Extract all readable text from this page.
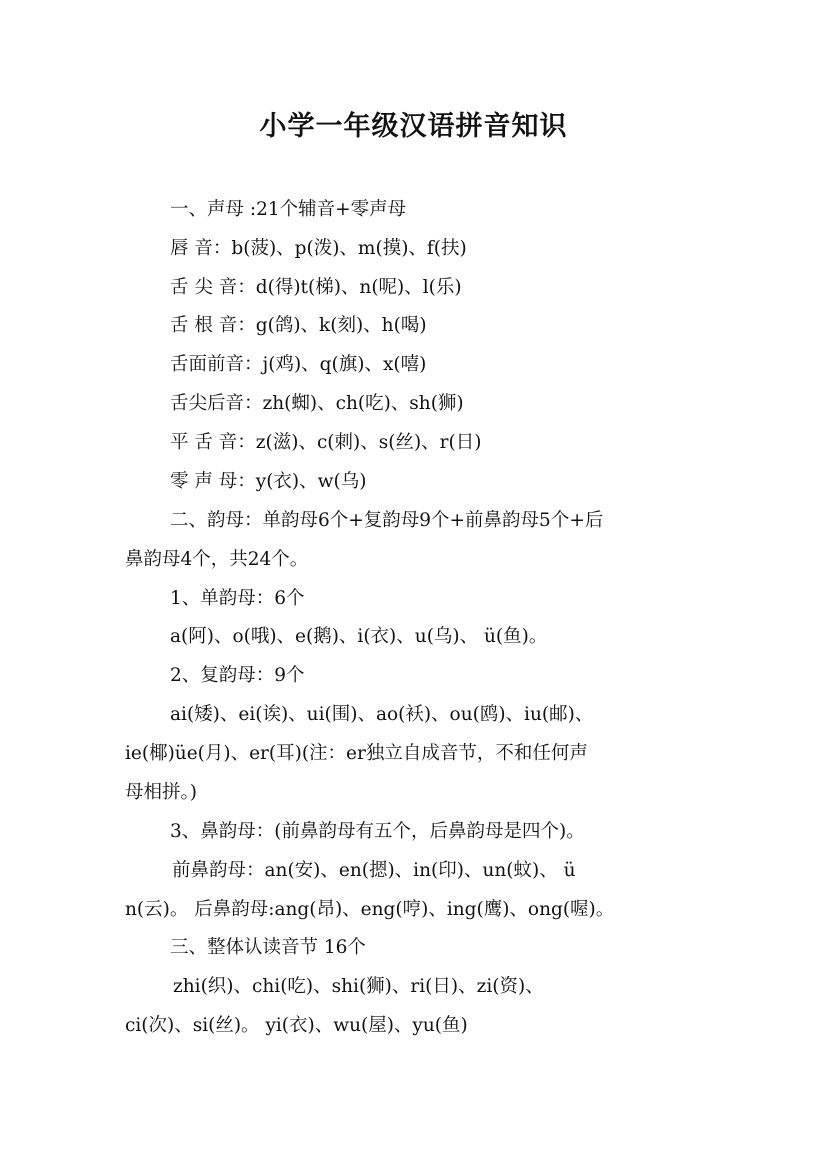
小学一年级汉语拼音知识
一、声母 :21个辅音+零声母
唇 音：b(菠)、p(泼)、m(摸)、f(扶)
舌 尖 音：d(得)t(梯)、n(呢)、l(乐)
舌 根 音：g(鸽)、k(刻)、h(喝)
舌面前音：j(鸡)、q(旗)、x(嘻)
舌尖后音：zh(蜘)、ch(吃)、sh(狮)
平 舌 音：z(滋)、c(刺)、s(丝)、r(日)
零 声 母：y(衣)、w(乌)
二、韵母：单韵母6个+复韵母9个+前鼻韵母5个+后
鼻韵母4个，共24个。
1、单韵母：6个
a(阿)、o(哦)、e(鹅)、i(衣)、u(乌)、 ü(鱼)。
2、复韵母：9个
ai(矮)、ei(诶)、ui(围)、ao(袄)、ou(鸥)、iu(邮)、
ie(椰)üe(月)、er(耳)(注：er独立自成音节，不和任何声
母相拼。)
3、鼻韵母：(前鼻韵母有五个，后鼻韵母是四个)。
前鼻韵母：an(安)、en(摁)、in(印)、un(蚊)、 ü
n(云)。 后鼻韵母:ang(昂)、eng(哼)、ing(鹰)、ong(喔)。
三、整体认读音节 16个
zhi(织)、chi(吃)、shi(狮)、ri(日)、zi(资)、
ci(次)、si(丝)。 yi(衣)、wu(屋)、yu(鱼)
